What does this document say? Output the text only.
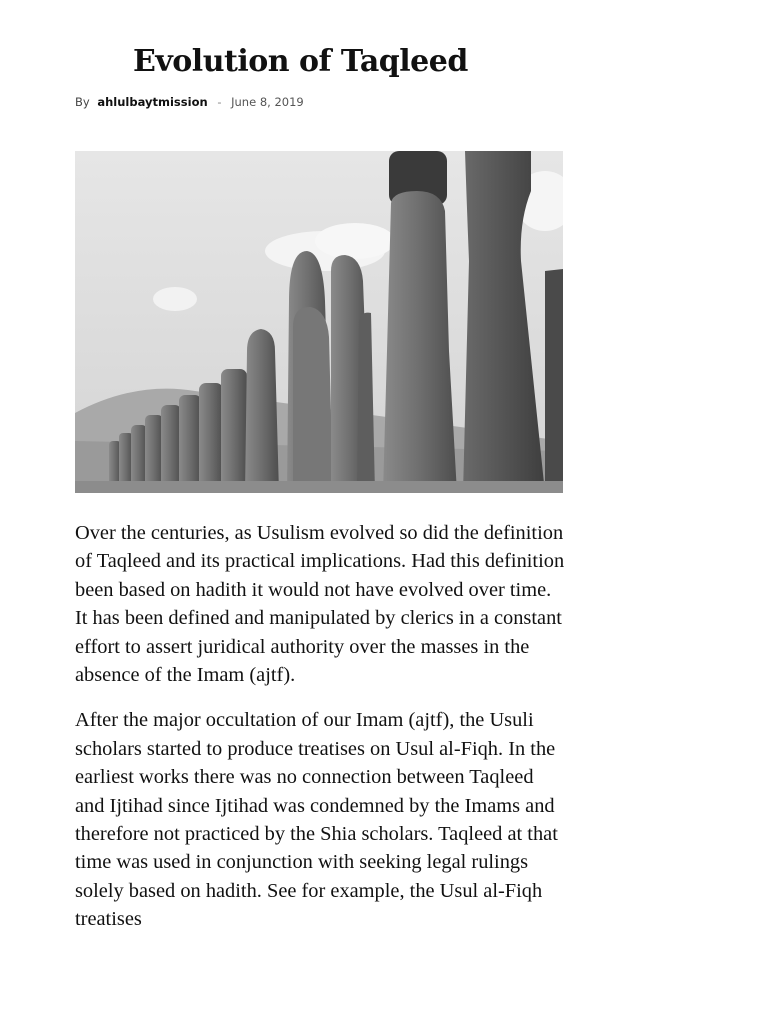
Evolution of Taqleed
By ahlulbaytmission - June 8, 2019

Over the centuries, as Usulism evolved so did the definition of Taqleed and its practical implications. Had this definition been based on hadith it would not have evolved over time. It has been defined and manipulated by clerics in a constant effort to assert juridical authority over the masses in the absence of the Imam (ajtf).

After the major occultation of our Imam (ajtf), the Usuli scholars started to produce treatises on Usul al-Fiqh. In the earliest works there was no connection between Taqleed and Ijtihad since Ijtihad was condemned by the Imams and therefore not practiced by the Shia scholars. Taqleed at that time was used in conjunction with seeking legal rulings solely based on hadith. See for example, the Usul al-Fiqh treatises
